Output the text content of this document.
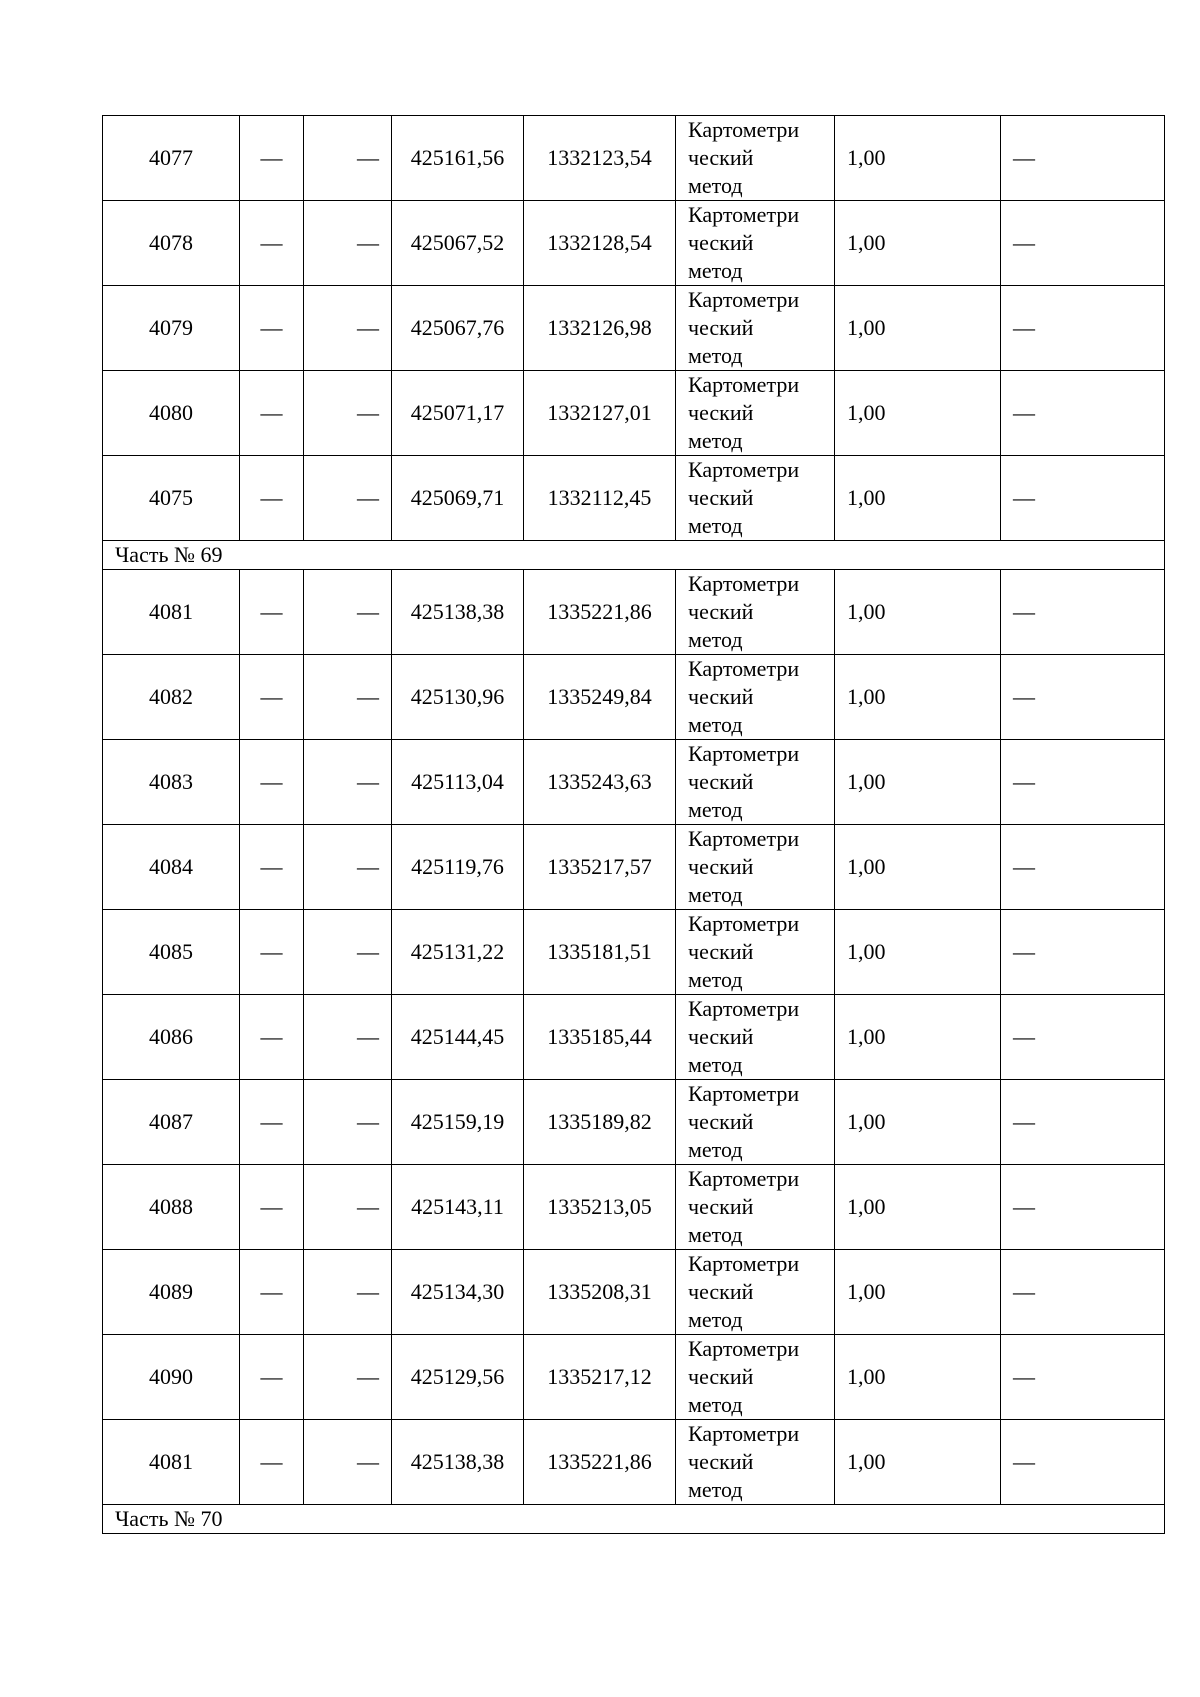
4077	—	—	425161,56	1332123,54	Картометри
ческий
метод	1,00	—
4078	—	—	425067,52	1332128,54	Картометри
ческий
метод	1,00	—
4079	—	—	425067,76	1332126,98	Картометри
ческий
метод	1,00	—
4080	—	—	425071,17	1332127,01	Картометри
ческий
метод	1,00	—
4075	—	—	425069,71	1332112,45	Картометри
ческий
метод	1,00	—
Часть № 69							
4081	—	—	425138,38	1335221,86	Картометри
ческий
метод	1,00	—
4082	—	—	425130,96	1335249,84	Картометри
ческий
метод	1,00	—
4083	—	—	425113,04	1335243,63	Картометри
ческий
метод	1,00	—
4084	—	—	425119,76	1335217,57	Картометри
ческий
метод	1,00	—
4085	—	—	425131,22	1335181,51	Картометри
ческий
метод	1,00	—
4086	—	—	425144,45	1335185,44	Картометри
ческий
метод	1,00	—
4087	—	—	425159,19	1335189,82	Картометри
ческий
метод	1,00	—
4088	—	—	425143,11	1335213,05	Картометри
ческий
метод	1,00	—
4089	—	—	425134,30	1335208,31	Картометри
ческий
метод	1,00	—
4090	—	—	425129,56	1335217,12	Картометри
ческий
метод	1,00	—
4081	—	—	425138,38	1335221,86	Картометри
ческий
метод	1,00	—
Часть № 70							
